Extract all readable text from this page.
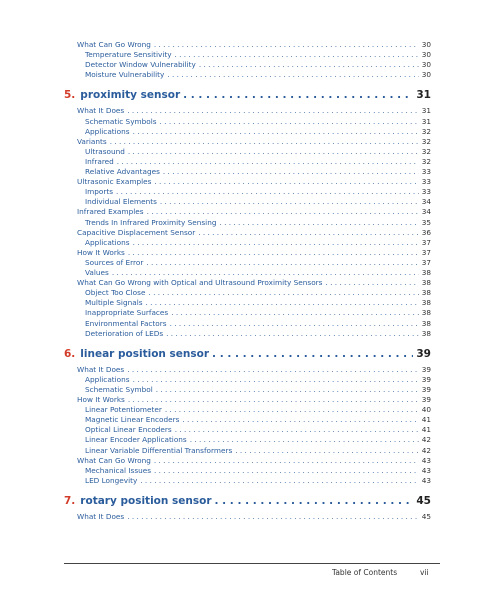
What Can Go Wrong . . .	30
Temperature Sensitivity . . .	30
Detector Window Vulnerability . . .	30
Moisture Vulnerability . . .	30
5. proximity sensor . . .	31
What It Does . . .	31
Schematic Symbols . . .	31
Applications . . .	32
Variants . . .	32
Ultrasound . . .	32
Infrared . . .	32
Relative Advantages . . .	33
Ultrasonic Examples . . .	33
Imports . . .	33
Individual Elements . . .	34
Infrared Examples . . .	34
Trends In Infrared Proximity Sensing . . .	35
Capacitive Displacement Sensor . . .	36
Applications . . .	37
How It Works . . .	37
Sources of Error . . .	37
Values . . .	38
What Can Go Wrong with Optical and Ultrasound Proximity Sensors . . .	38
Object Too Close . . .	38
Multiple Signals . . .	38
Inappropriate Surfaces . . .	38
Environmental Factors . . .	38
Deterioration of LEDs . . .	38
6. linear position sensor . . .	39
What It Does . . .	39
Applications . . .	39
Schematic Symbol . . .	39
How It Works . . .	39
Linear Potentiometer . . .	40
Magnetic Linear Encoders . . .	41
Optical Linear Encoders . . .	41
Linear Encoder Applications . . .	42
Linear Variable Differential Transformers . . .	42
What Can Go Wrong . . .	43
Mechanical Issues . . .	43
LED Longevity . . .	43
7. rotary position sensor . . .	45
What It Does . . .	45
Table of Contents	vii
